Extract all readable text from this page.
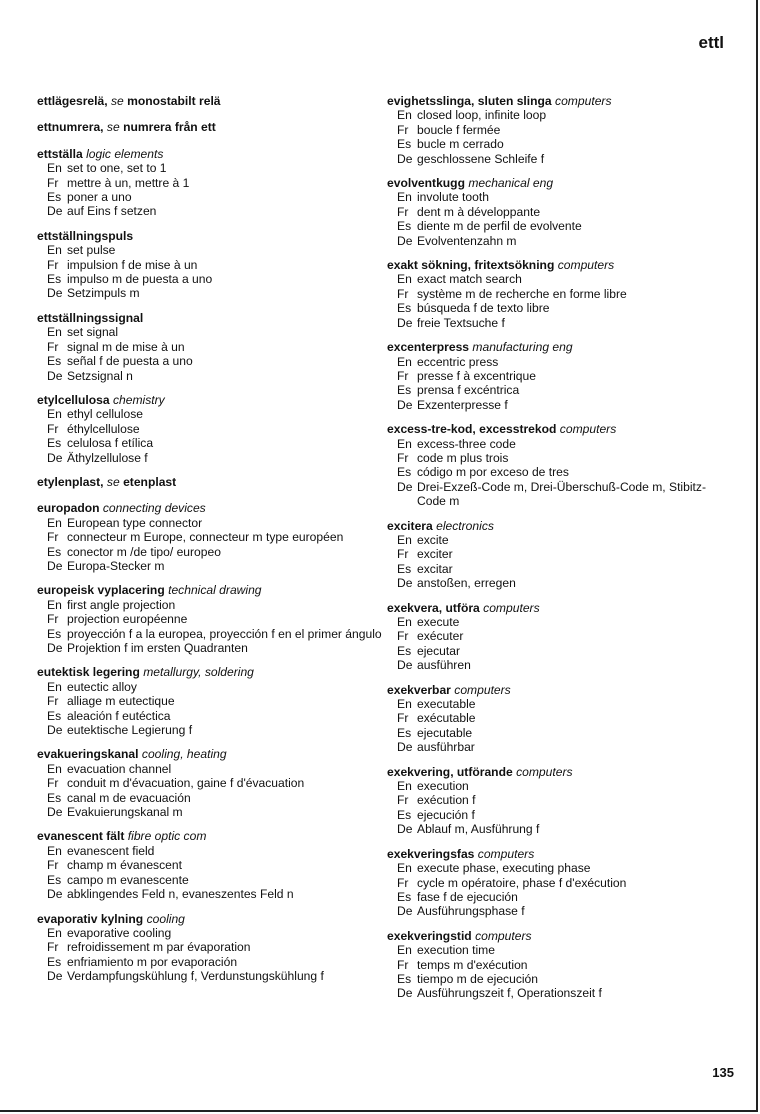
ettl
ettlägesrelä, se monostabilt relä
ettnumrera, se numrera från ett
ettställa logic elements
En set to one, set to 1
Fr mettre à un, mettre à 1
Es poner a uno
De auf Eins f setzen
ettställningspuls
En set pulse
Fr impulsion f de mise à un
Es impulso m de puesta a uno
De Setzimpuls m
ettställningssignal
En set signal
Fr signal m de mise à un
Es señal f de puesta a uno
De Setzsignal n
etylcellulosa chemistry
En ethyl cellulose
Fr éthylcellulose
Es celulosa f etílica
De Äthylzellulose f
etylenplast, se etenplast
europadon connecting devices
En European type connector
Fr connecteur m Europe, connecteur m type européen
Es conector m /de tipo/ europeo
De Europa-Stecker m
europeisk vyplacering technical drawing
En first angle projection
Fr projection européenne
Es proyección f a la europea, proyección f en el primer ángulo
De Projektion f im ersten Quadranten
eutektisk legering metallurgy, soldering
En eutectic alloy
Fr alliage m eutectique
Es aleación f eutéctica
De eutektische Legierung f
evakueringskanal cooling, heating
En evacuation channel
Fr conduit m d'évacuation, gaine f d'évacuation
Es canal m de evacuación
De Evakuierungskanal m
evanescent fält fibre optic com
En evanescent field
Fr champ m évanescent
Es campo m evanescente
De abklingendes Feld n, evaneszentes Feld n
evaporativ kylning cooling
En evaporative cooling
Fr refroidissement m par évaporation
Es enfriamiento m por evaporación
De Verdampfungskühlung f, Verdunstungskühlung f
evighetsslinga, sluten slinga computers
En closed loop, infinite loop
Fr boucle f fermée
Es bucle m cerrado
De geschlossene Schleife f
evolventkugg mechanical eng
En involute tooth
Fr dent m à développante
Es diente m de perfil de evolvente
De Evolventenzahn m
exakt sökning, fritextsökning computers
En exact match search
Fr système m de recherche en forme libre
Es búsqueda f de texto libre
De freie Textsuche f
excenterpress manufacturing eng
En eccentric press
Fr presse f à excentrique
Es prensa f excéntrica
De Exzenterpresse f
excess-tre-kod, excesstrekod computers
En excess-three code
Fr code m plus trois
Es código m por exceso de tres
De Drei-Exzeß-Code m, Drei-Überschuß-Code m, Stibitz-Code m
excitera electronics
En excite
Fr exciter
Es excitar
De anstoßen, erregen
exekvera, utföra computers
En execute
Fr exécuter
Es ejecutar
De ausführen
exekverbar computers
En executable
Fr exécutable
Es ejecutable
De ausführbar
exekvering, utförande computers
En execution
Fr exécution f
Es ejecución f
De Ablauf m, Ausführung f
exekveringsfas computers
En execute phase, executing phase
Fr cycle m opératoire, phase f d'exécution
Es fase f de ejecución
De Ausführungsphase f
exekveringstid computers
En execution time
Fr temps m d'exécution
Es tiempo m de ejecución
De Ausführungszeit f, Operationszeit f
135
